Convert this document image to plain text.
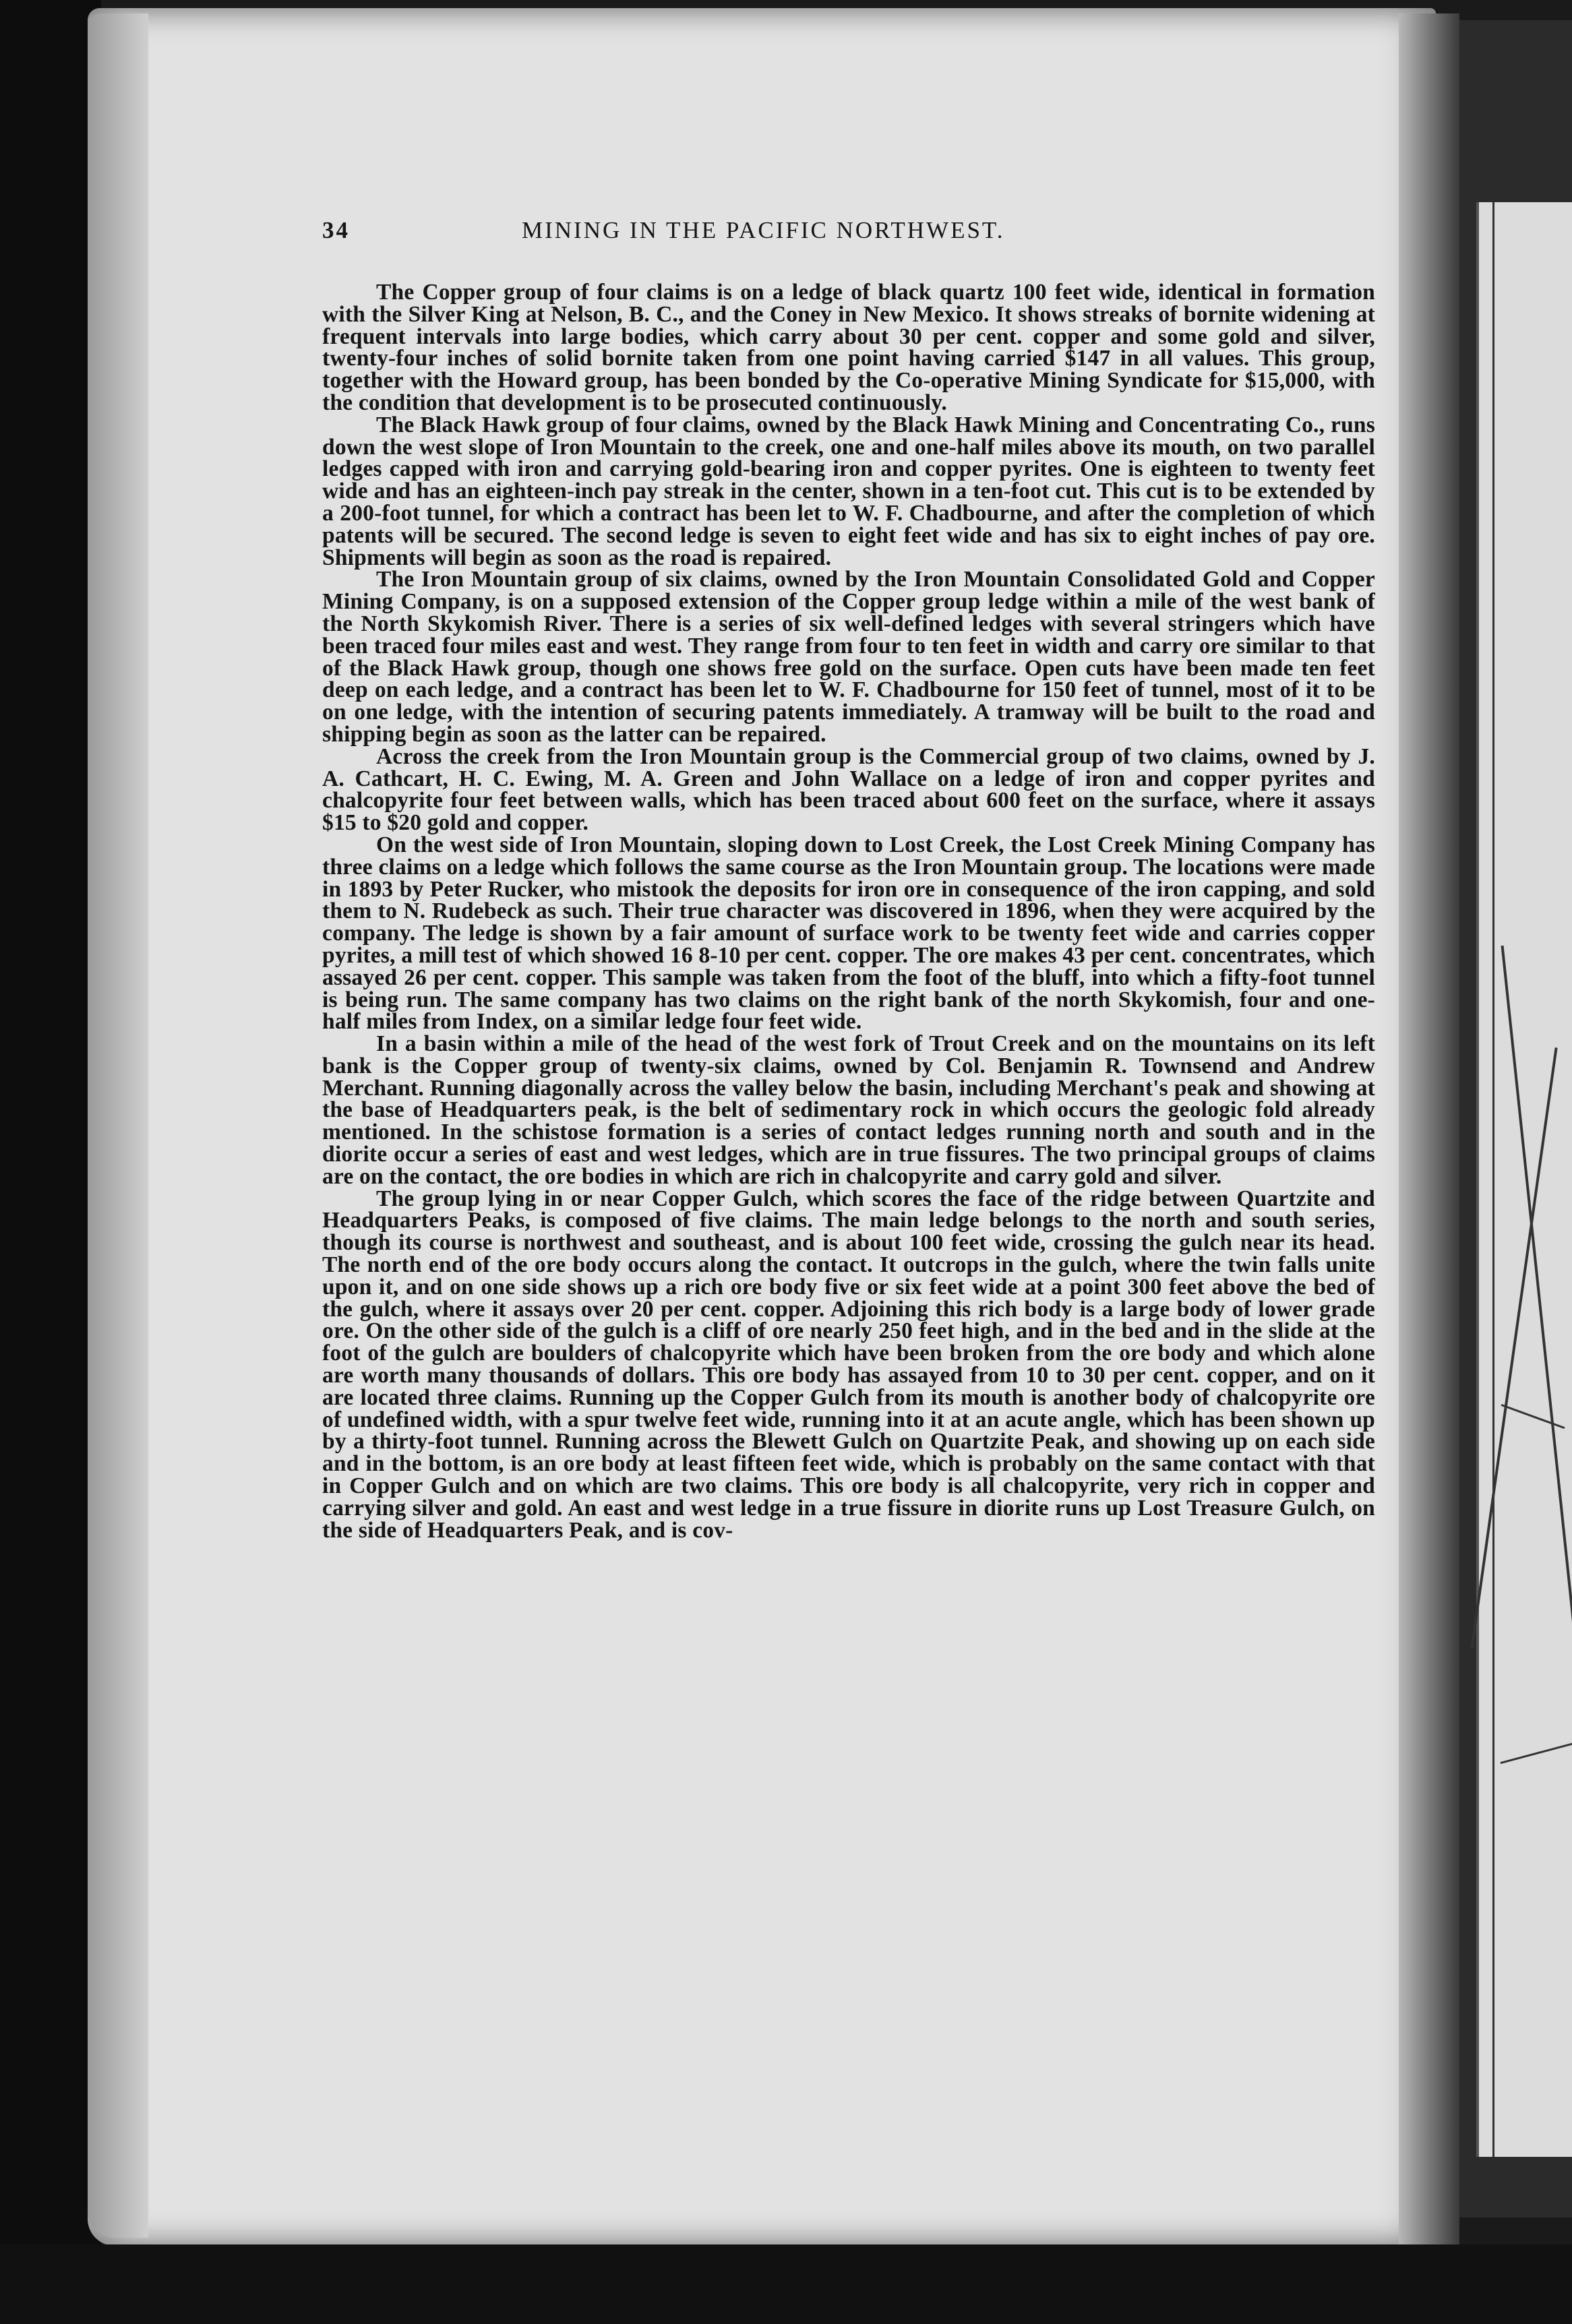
34	MINING IN THE PACIFIC NORTHWEST.

The Copper group of four claims is on a ledge of black quartz 100 feet wide, identical in formation with the Silver King at Nelson, B. C., and the Coney in New Mexico. It shows streaks of bornite widening at frequent intervals into large bodies, which carry about 30 per cent. copper and some gold and silver, twenty-four inches of solid bornite taken from one point having carried $147 in all values. This group, together with the Howard group, has been bonded by the Co-operative Mining Syndicate for $15,000, with the condition that development is to be prosecuted continuously.

The Black Hawk group of four claims, owned by the Black Hawk Mining and Concentrating Co., runs down the west slope of Iron Mountain to the creek, one and one-half miles above its mouth, on two parallel ledges capped with iron and carrying gold-bearing iron and copper pyrites. One is eighteen to twenty feet wide and has an eighteen-inch pay streak in the center, shown in a ten-foot cut. This cut is to be extended by a 200-foot tunnel, for which a contract has been let to W. F. Chadbourne, and after the completion of which patents will be secured. The second ledge is seven to eight feet wide and has six to eight inches of pay ore. Shipments will begin as soon as the road is repaired.

The Iron Mountain group of six claims, owned by the Iron Mountain Consolidated Gold and Copper Mining Company, is on a supposed extension of the Copper group ledge within a mile of the west bank of the North Skykomish River. There is a series of six well-defined ledges with several stringers which have been traced four miles east and west. They range from four to ten feet in width and carry ore similar to that of the Black Hawk group, though one shows free gold on the surface. Open cuts have been made ten feet deep on each ledge, and a contract has been let to W. F. Chadbourne for 150 feet of tunnel, most of it to be on one ledge, with the intention of securing patents immediately. A tramway will be built to the road and shipping begin as soon as the latter can be repaired.

Across the creek from the Iron Mountain group is the Commercial group of two claims, owned by J. A. Cathcart, H. C. Ewing, M. A. Green and John Wallace on a ledge of iron and copper pyrites and chalcopyrite four feet between walls, which has been traced about 600 feet on the surface, where it assays $15 to $20 gold and copper.

On the west side of Iron Mountain, sloping down to Lost Creek, the Lost Creek Mining Company has three claims on a ledge which follows the same course as the Iron Mountain group. The locations were made in 1893 by Peter Rucker, who mistook the deposits for iron ore in consequence of the iron capping, and sold them to N. Rudebeck as such. Their true character was discovered in 1896, when they were acquired by the company. The ledge is shown by a fair amount of surface work to be twenty feet wide and carries copper pyrites, a mill test of which showed 16 8-10 per cent. copper. The ore makes 43 per cent. concentrates, which assayed 26 per cent. copper. This sample was taken from the foot of the bluff, into which a fifty-foot tunnel is being run. The same company has two claims on the right bank of the north Skykomish, four and one-half miles from Index, on a similar ledge four feet wide.

In a basin within a mile of the head of the west fork of Trout Creek and on the mountains on its left bank is the Copper group of twenty-six claims, owned by Col. Benjamin R. Townsend and Andrew Merchant. Running diagonally across the valley below the basin, including Merchant's peak and showing at the base of Headquarters peak, is the belt of sedimentary rock in which occurs the geologic fold already mentioned. In the schistose formation is a series of contact ledges running north and south and in the diorite occur a series of east and west ledges, which are in true fissures. The two principal groups of claims are on the contact, the ore bodies in which are rich in chalcopyrite and carry gold and silver.

The group lying in or near Copper Gulch, which scores the face of the ridge between Quartzite and Headquarters Peaks, is composed of five claims. The main ledge belongs to the north and south series, though its course is northwest and southeast, and is about 100 feet wide, crossing the gulch near its head. The north end of the ore body occurs along the contact. It outcrops in the gulch, where the twin falls unite upon it, and on one side shows up a rich ore body five or six feet wide at a point 300 feet above the bed of the gulch, where it assays over 20 per cent. copper. Adjoining this rich body is a large body of lower grade ore. On the other side of the gulch is a cliff of ore nearly 250 feet high, and in the bed and in the slide at the foot of the gulch are boulders of chalcopyrite which have been broken from the ore body and which alone are worth many thousands of dollars. This ore body has assayed from 10 to 30 per cent. copper, and on it are located three claims. Running up the Copper Gulch from its mouth is another body of chalcopyrite ore of undefined width, with a spur twelve feet wide, running into it at an acute angle, which has been shown up by a thirty-foot tunnel. Running across the Blewett Gulch on Quartzite Peak, and showing up on each side and in the bottom, is an ore body at least fifteen feet wide, which is probably on the same contact with that in Copper Gulch and on which are two claims. This ore body is all chalcopyrite, very rich in copper and carrying silver and gold. An east and west ledge in a true fissure in diorite runs up Lost Treasure Gulch, on the side of Headquarters Peak, and is cov-
